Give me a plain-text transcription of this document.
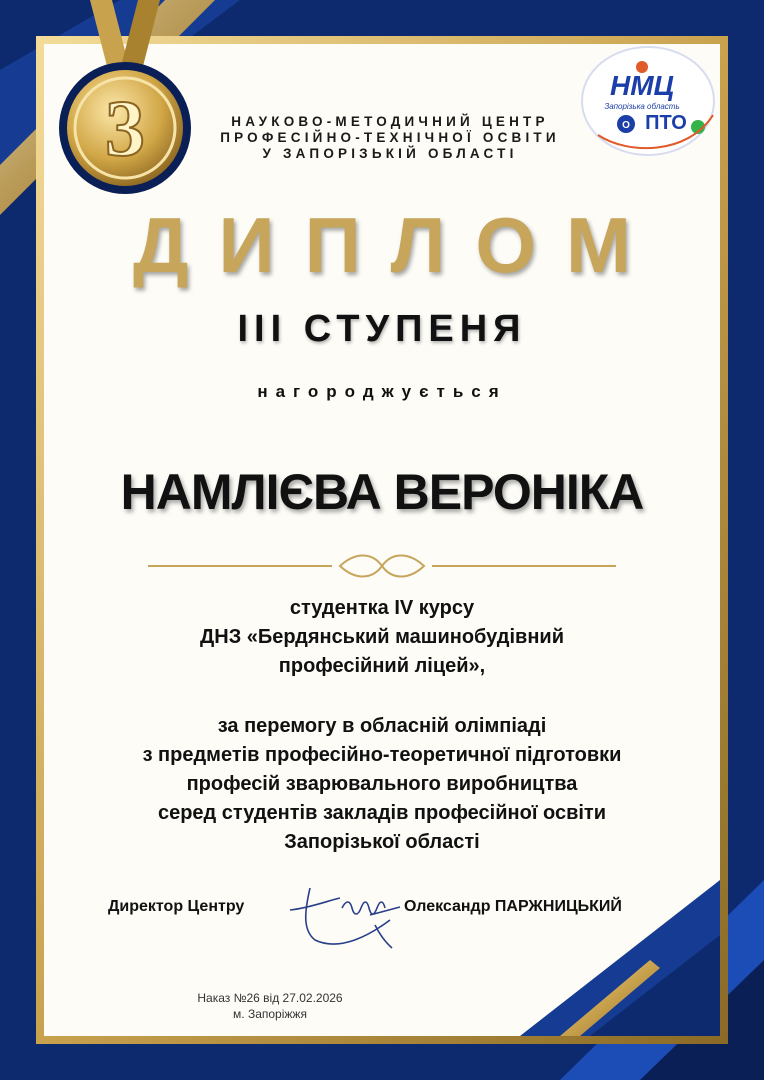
3	НМЦ
Запорізька область
О ПТО
НАУКОВО-МЕТОДИЧНИЙ ЦЕНТР
ПРОФЕСІЙНО-ТЕХНІЧНОЇ ОСВІТИ
У ЗАПОРІЗЬКІЙ ОБЛАСТІ
ДИПЛОМ
ІІІ СТУПЕНЯ
нагороджується
НАМЛІЄВА ВЕРОНІКА
студентка IV курсу
ДНЗ «Бердянський машинобудівний
професійний ліцей»,
за перемогу в обласній олімпіаді
з предметів професійно-теоретичної підготовки
професій зварювального виробництва
серед студентів закладів професійної освіти
Запорізької області
Директор Центру	Олександр ПАРЖНИЦЬКИЙ
Наказ №26 від 27.02.2026
м. Запоріжжя
